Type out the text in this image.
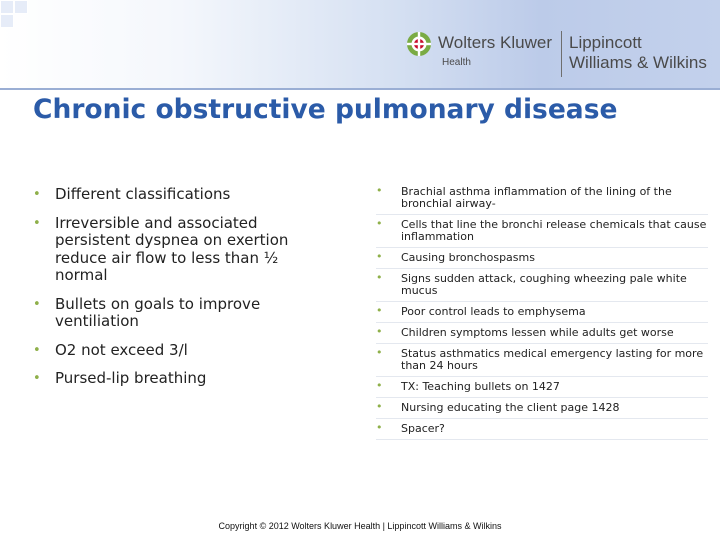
Wolters Kluwer
Health
Lippincott
Williams & Wilkins
Chronic obstructive pulmonary disease
• Different classifications
• Irreversible and associated persistent dyspnea on exertion reduce air flow to less than ½ normal
• Bullets on goals to improve ventiliation
• O2 not exceed 3/l
• Pursed-lip breathing
• Brachial asthma inflammation of the lining of the bronchial airway-
• Cells that line the bronchi release chemicals that cause inflammation
• Causing bronchospasms
• Signs sudden attack, coughing wheezing pale white mucus
• Poor control leads to emphysema
• Children symptoms lessen while adults get worse
• Status asthmatics medical emergency lasting for more than 24 hours
• TX: Teaching bullets on 1427
• Nursing educating the client page 1428
• Spacer?
Copyright © 2012 Wolters Kluwer Health | Lippincott Williams & Wilkins
